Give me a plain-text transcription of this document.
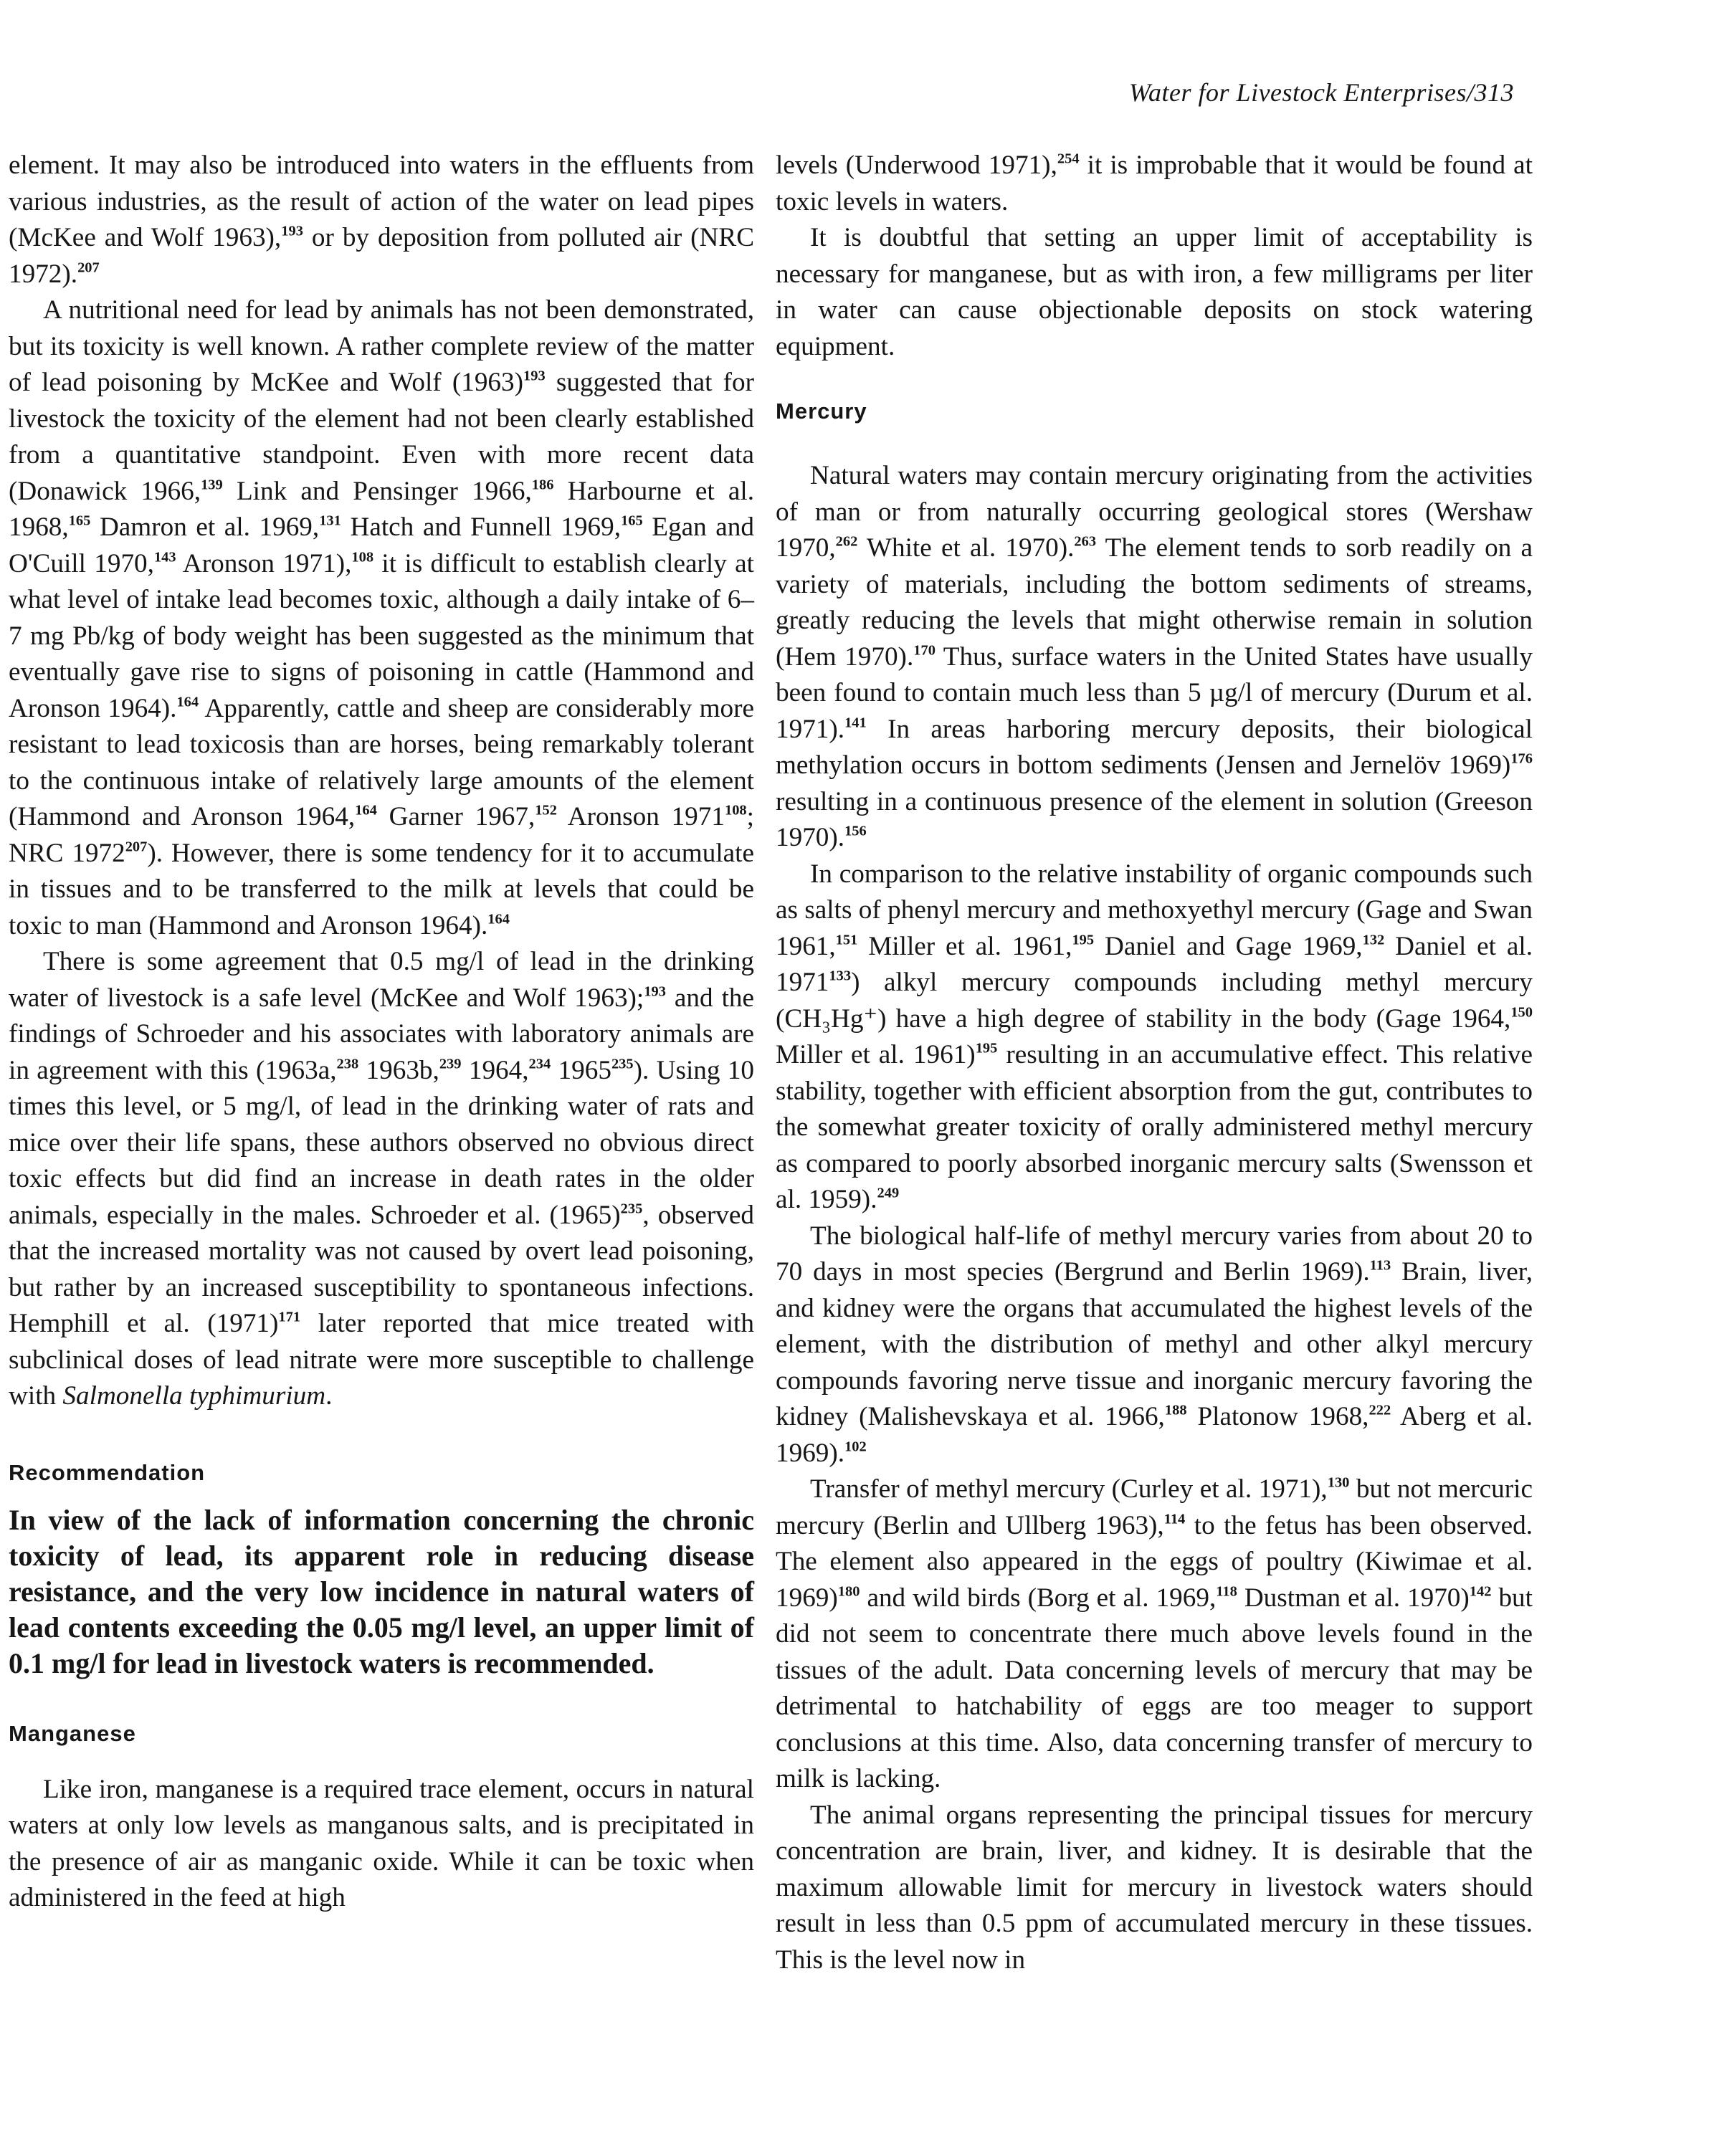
Water for Livestock Enterprises/313

element. It may also be introduced into waters in the effluents from various industries, as the result of action of the water on lead pipes (McKee and Wolf 1963),$^{193}$ or by deposition from polluted air (NRC 1972).$^{207}$

A nutritional need for lead by animals has not been demonstrated, but its toxicity is well known. A rather complete review of the matter of lead poisoning by McKee and Wolf $(1963)^{193}$ suggested that for livestock the toxicity of the element had not been clearly established from a quantitative standpoint. Even with more recent data (Donawick 1966,$^{139}$ Link and Pensinger 1966,$^{186}$ Harbourne et al. 1968,$^{165}$ Damron et al. 1969,$^{131}$ Hatch and Funnell 1969,$^{165}$ Egan and O'Cuill 1970,$^{143}$ Aronson 1971),$^{108}$ it is difficult to establish clearly at what level of intake lead becomes toxic, although a daily intake of 6–7 mg Pb/kg of body weight has been suggested as the minimum that eventually gave rise to signs of poisoning in cattle (Hammond and Aronson 1964).$^{164}$ Apparently, cattle and sheep are considerably more resistant to lead toxicosis than are horses, being remarkably tolerant to the continuous intake of relatively large amounts of the element (Hammond and Aronson 1964,$^{164}$ Garner 1967,$^{152}$ Aronson 1971$^{108}$; NRC 1972$^{207}$). However, there is some tendency for it to accumulate in tissues and to be transferred to the milk at levels that could be toxic to man (Hammond and Aronson 1964).$^{164}$

There is some agreement that 0.5 mg/l of lead in the drinking water of livestock is a safe level (McKee and Wolf 1963);$^{193}$ and the findings of Schroeder and his associates with laboratory animals are in agreement with this (1963a,$^{238}$ 1963b,$^{239}$ 1964,$^{234}$ 1965$^{235}$). Using 10 times this level, or 5 mg/l, of lead in the drinking water of rats and mice over their life spans, these authors observed no obvious direct toxic effects but did find an increase in death rates in the older animals, especially in the males. Schroeder et al. $(1965)^{235}$, observed that the increased mortality was not caused by overt lead poisoning, but rather by an increased susceptibility to spontaneous infections. Hemphill et al. $(1971)^{171}$ later reported that mice treated with subclinical doses of lead nitrate were more susceptible to challenge with Salmonella typhimurium.

Recommendation

In view of the lack of information concerning the chronic toxicity of lead, its apparent role in reducing disease resistance, and the very low incidence in natural waters of lead contents exceeding the 0.05 mg/l level, an upper limit of 0.1 mg/l for lead in livestock waters is recommended.

Manganese

Like iron, manganese is a required trace element, occurs in natural waters at only low levels as manganous salts, and is precipitated in the presence of air as manganic oxide. While it can be toxic when administered in the feed at high

levels (Underwood 1971),$^{254}$ it is improbable that it would be found at toxic levels in waters.

It is doubtful that setting an upper limit of acceptability is necessary for manganese, but as with iron, a few milligrams per liter in water can cause objectionable deposits on stock watering equipment.

Mercury

Natural waters may contain mercury originating from the activities of man or from naturally occurring geological stores (Wershaw 1970,$^{262}$ White et al. 1970).$^{263}$ The element tends to sorb readily on a variety of materials, including the bottom sediments of streams, greatly reducing the levels that might otherwise remain in solution (Hem 1970).$^{170}$ Thus, surface waters in the United States have usually been found to contain much less than 5 µg/l of mercury (Durum et al. 1971).$^{141}$ In areas harboring mercury deposits, their biological methylation occurs in bottom sediments (Jensen and Jernelöv 1969)$^{176}$ resulting in a continuous presence of the element in solution (Greeson 1970).$^{156}$

In comparison to the relative instability of organic compounds such as salts of phenyl mercury and methoxyethyl mercury (Gage and Swan 1961,$^{151}$ Miller et al. 1961,$^{195}$ Daniel and Gage 1969,$^{132}$ Daniel et al. 1971$^{133}$) alkyl mercury compounds including methyl mercury (CH₃Hg⁺) have a high degree of stability in the body (Gage 1964,$^{150}$ Miller et al. 1961)$^{195}$ resulting in an accumulative effect. This relative stability, together with efficient absorption from the gut, contributes to the somewhat greater toxicity of orally administered methyl mercury as compared to poorly absorbed inorganic mercury salts (Swensson et al. 1959).$^{249}$

The biological half-life of methyl mercury varies from about 20 to 70 days in most species (Bergrund and Berlin 1969).$^{113}$ Brain, liver, and kidney were the organs that accumulated the highest levels of the element, with the distribution of methyl and other alkyl mercury compounds favoring nerve tissue and inorganic mercury favoring the kidney (Malishevskaya et al. 1966,$^{188}$ Platonow 1968,$^{222}$ Aberg et al. 1969).$^{102}$

Transfer of methyl mercury (Curley et al. 1971),$^{130}$ but not mercuric mercury (Berlin and Ullberg 1963),$^{114}$ to the fetus has been observed. The element also appeared in the eggs of poultry (Kiwimae et al. 1969)$^{180}$ and wild birds (Borg et al. 1969,$^{118}$ Dustman et al. 1970)$^{142}$ but did not seem to concentrate there much above levels found in the tissues of the adult. Data concerning levels of mercury that may be detrimental to hatchability of eggs are too meager to support conclusions at this time. Also, data concerning transfer of mercury to milk is lacking.

The animal organs representing the principal tissues for mercury concentration are brain, liver, and kidney. It is desirable that the maximum allowable limit for mercury in livestock waters should result in less than 0.5 ppm of accumulated mercury in these tissues. This is the level now in
